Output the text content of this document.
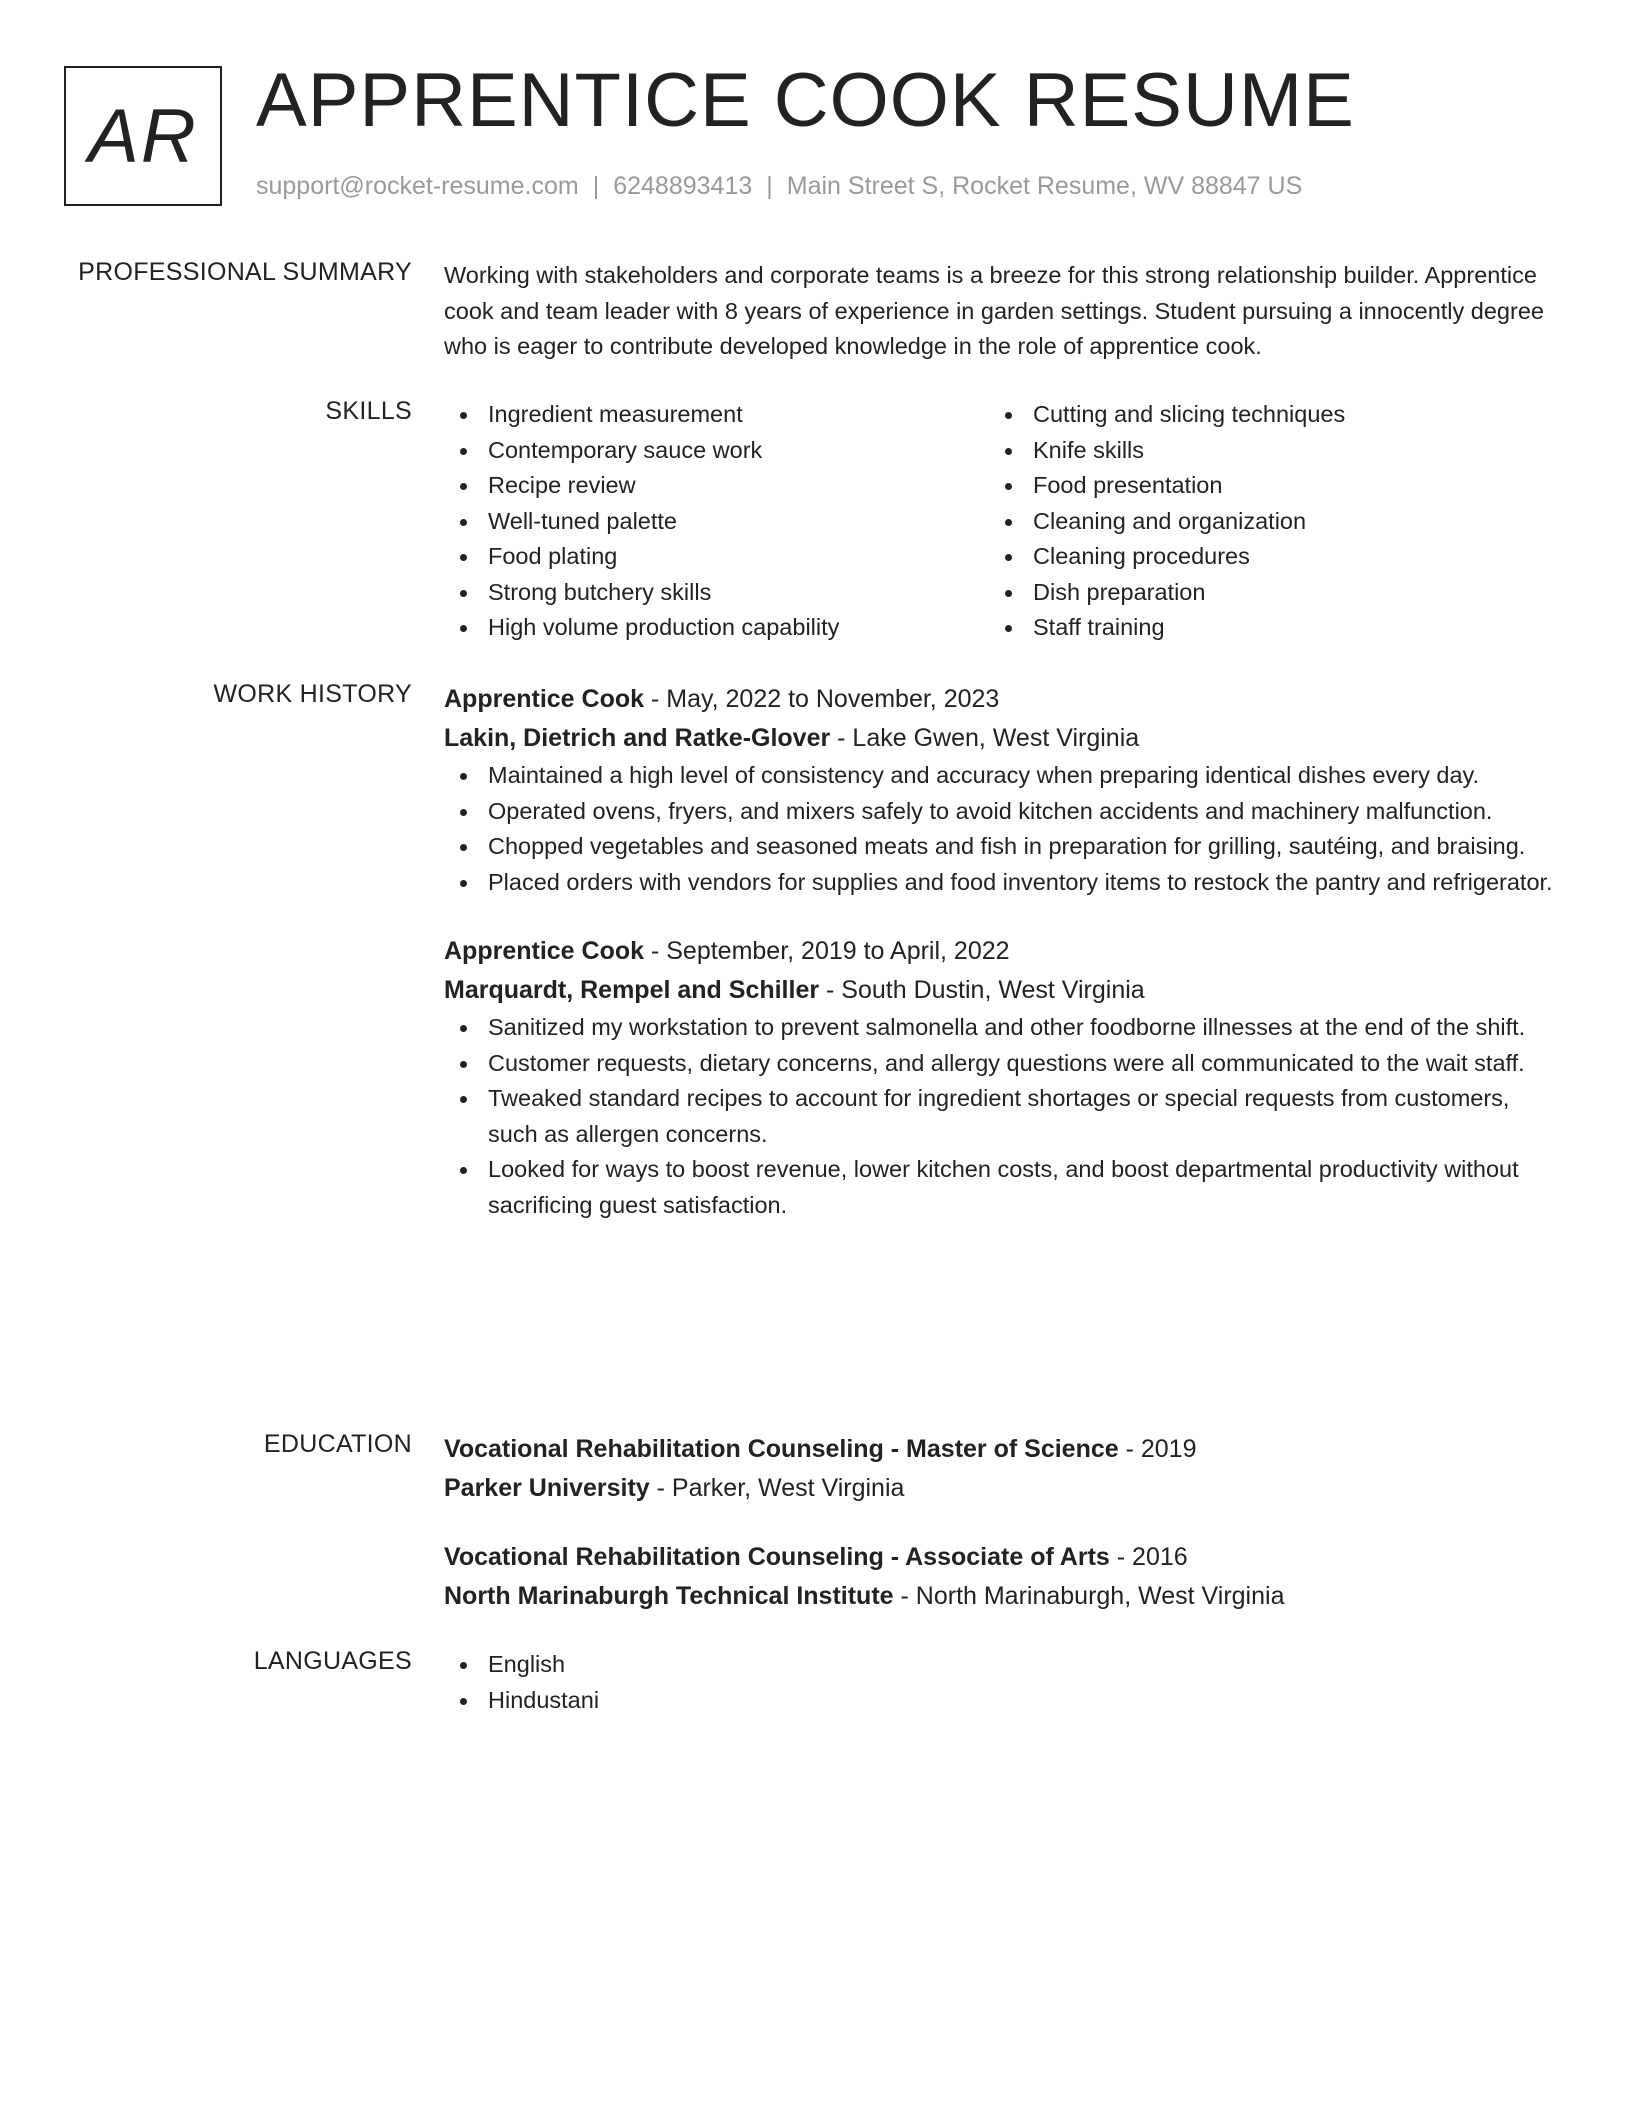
AR APPRENTICE COOK RESUME
support@rocket-resume.com | 6248893413 | Main Street S, Rocket Resume, WV 88847 US
PROFESSIONAL SUMMARY Working with stakeholders and corporate teams is a breeze for this strong relationship builder. Apprentice cook and team leader with 8 years of experience in garden settings. Student pursuing a innocently degree who is eager to contribute developed knowledge in the role of apprentice cook.

SKILLS	Ingredient measurement
Contemporary sauce work
Recipe review
Well-tuned palette
Food plating
Strong butchery skills
High volume production capability
Cutting and slicing techniques
Knife skills
Food presentation
Cleaning and organization
Cleaning procedures
Dish preparation
Staff training
WORK HISTORY Apprentice Cook - May, 2022 to November, 2023
Lakin, Dietrich and Ratke-Glover - Lake Gwen, West Virginia
Maintained a high level of consistency and accuracy when preparing identical dishes every day.
Operated ovens, fryers, and mixers safely to avoid kitchen accidents and machinery malfunction.
Chopped vegetables and seasoned meats and fish in preparation for grilling, sautéing, and braising.
Placed orders with vendors for supplies and food inventory items to restock the pantry and refrigerator.
Apprentice Cook - September, 2019 to April, 2022
Marquardt, Rempel and Schiller - South Dustin, West Virginia
Sanitized my workstation to prevent salmonella and other foodborne illnesses at the end of the shift.
Customer requests, dietary concerns, and allergy questions were all communicated to the wait staff.
Tweaked standard recipes to account for ingredient shortages or special requests from customers, such as allergen concerns.
Looked for ways to boost revenue, lower kitchen costs, and boost departmental productivity without sacrificing guest satisfaction.
EDUCATION Vocational Rehabilitation Counseling - Master of Science - 2019
Parker University - Parker, West Virginia
Vocational Rehabilitation Counseling - Associate of Arts - 2016
North Marinaburgh Technical Institute - North Marinaburgh, West Virginia
LANGUAGES	English
Hindustani
